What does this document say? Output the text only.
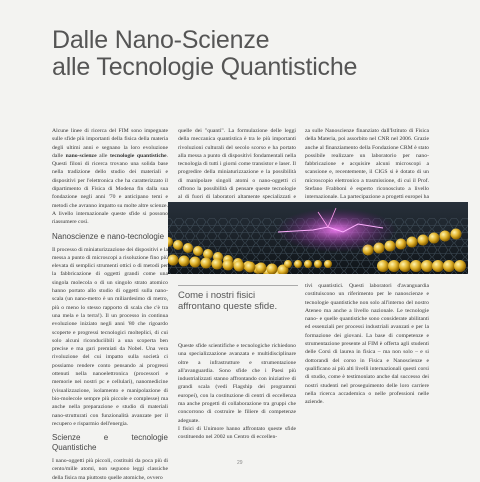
Dalle Nano-Scienze
alle Tecnologie Quantistiche

Alcune linee di ricerca del FIM sono impegnate sulle sfide più importanti della fisica della materia degli ultimi anni e segnano la loro evoluzione dalle nano-scienze alle tecnologie quantistiche. Questi filoni di ricerca trovano una solida base nella tradizione dello studio dei materiali e dispositivi per l'elettronica che ha caratterizzato il dipartimento di Fisica di Modena fin dalla sua fondazione negli anni '70 e anticipano temi e metodi che avranno impatto su molte altre scienze. A livello internazionale queste sfide si possono riassumere così.

Nanoscienze e nano-tecnologie

Il processo di miniaturizzazione dei dispositivi e la messa a punto di microscopi a risoluzione fino più elevata di semplici strumenti ottici o di metodi per la fabbricazione di oggetti grandi come una singola molecola o di un singolo strato atomico hanno portato allo studio di oggetti sulla nano-scala (un nano-metro è un miliardesimo di metro, più o meno lo stesso rapporto di scala che c'è tra una mela e la terra!). Il un processo in continua evoluzione iniziato negli anni '80 che rigoardo scoperte e progressi tecnologici molteplici, di cui solo alcuni riconduciibili a una scoperta ben precise e ma gari premiati da Nobel. Una vera rivoluzione del cui impatto sulla società ci possiamo rendere conto pensando ai progressi ottenuti nella nanoelettronica (processori e memorie nei nostri pc e cellulari), nanomedicine (visualizzazione, isolamento e manipolazione di bio-molecole sempre più piccole e complesse) ma anche nella preparazione e studio di materiali nano-strutturati con funzionalità avanzate per il recupero e risparmio dell'energia.

Scienze e tecnologie Quantistiche

I nano-oggetti più piccoli, costituiti da poca più di cento/mille atomi, non seguono leggi classiche della fisica ma piuttosto quelle atomiche, ovvero

quelle dei "quanti". La formulazione delle leggi della meccanica quantistica è tra le più importanti rivoluzioni culturali del secolo scorso e ha portato alla messa a punto di dispositivi fondamentali nella tecnologia di tutti i giorni come transistor e laser. Il progredire della miniaturizzazione e la possibilità di manipolare singoli atomi o nano-oggetti ci offrono la possibilità di pensare queste tecnologie al di fuori di laboratori altamente specializzati e

za sulle Nanoscienze finanziato dall'Istituto di Fisica della Materia, poi assorbito nel CNR nel 2006. Grazie anche al finanziamento della Fondazione CRM è stato possibile realizzare un laboratorio per nano-fabbricazione e acquisire alcuni microscopi a scansione e, recentemente, il CIGS si è dotato di un microscopio elettronico a trasmissione, di cui il Prof. Stefano Frabboni è esperto riconosciuto a livello internazionale. La partecipazione a progetti europei ha

Come i nostri fisici affrontano queste sfide.

Queste sfide scientifiche e tecnologiche richiedono una specializzazione avanzata e multidisciplinare oltre a infrastrutture e strumentazione all'avanguardia. Sono sfide che i Paesi più industrializzati stanno affrontando con iniziative di grandi scala (vedi Flagship dei programmi europei), con la costituzione di centri di eccellenza ma anche progetti di collaborazione tra gruppi che concorrono di costruire le filiere di competenze adeguate.

I fisici di Unimore hanno affrontato queste sfide costituendo nel 2002 un Centro di eccellen-

tivi quantistici. Questi laboratori d'avanguardia costituiscono un riferimento per le nanoscienze e tecnologie quantistiche non solo all'interno del nostro Ateneo ma anche a livello nazionale. Le tecnologie nano- e quelle quantistiche sono considerate abilitanti ed essenziali per processi industriali avanzati e per la formazione dei giovani. La base di competenze e strumentazione presente al FIM è offerta agli studenti delle Corsi di laurea in fisica – ma non solo – e si dottorandi del corso in Fisica e Nanoscienze e qualificano ai più alti livelli internazionali questi corsi di studio, come è testimoniato anche dal successo dei nostri studenti nel proseguimento delle loro carriere nella ricerca accademica o nelle professioni nelle aziende.

29
